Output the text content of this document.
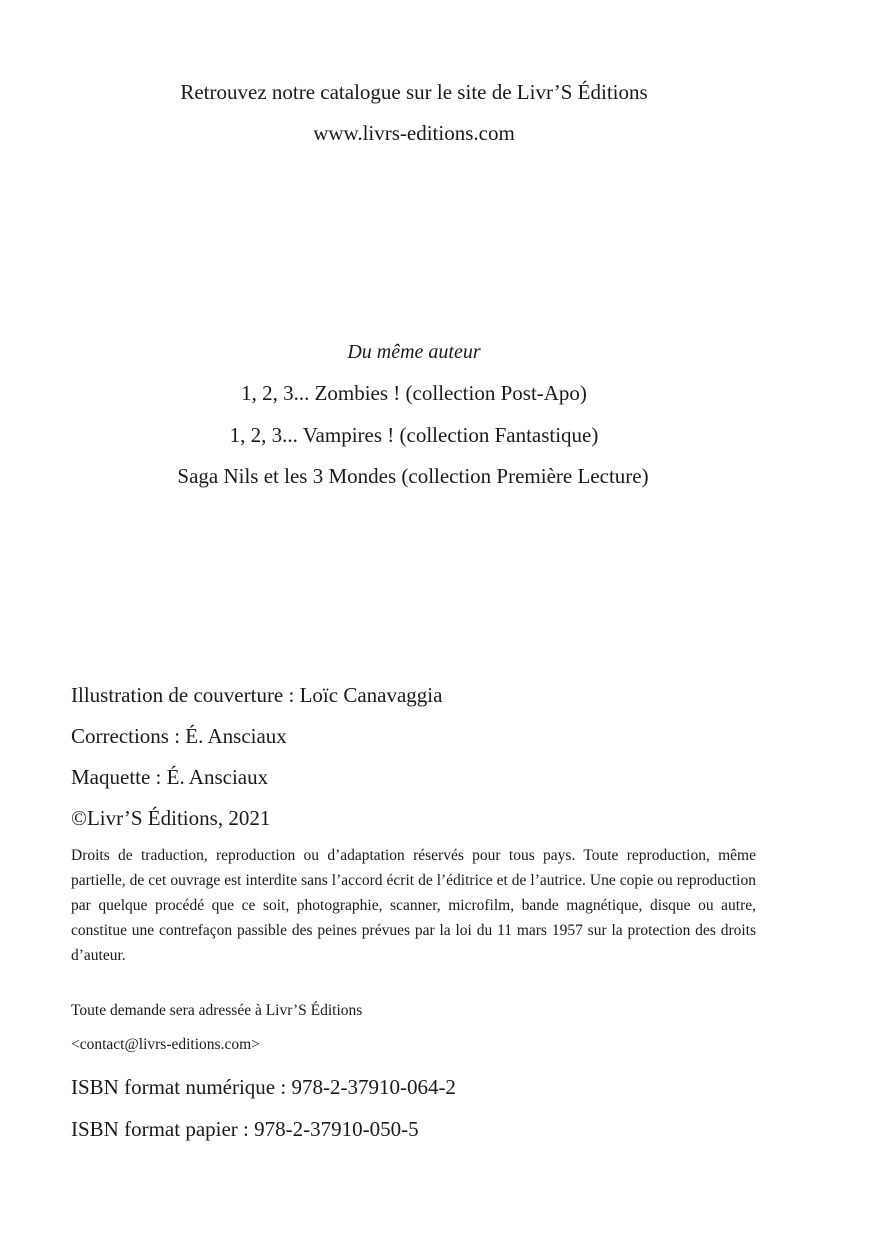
Retrouvez notre catalogue sur le site de Livr’S Éditions
www.livrs-editions.com
Du même auteur
1, 2, 3... Zombies ! (collection Post-Apo)
1, 2, 3... Vampires ! (collection Fantastique)
Saga Nils et les 3 Mondes (collection Première Lecture)
Illustration de couverture : Loïc Canavaggia
Corrections : É. Ansciaux
Maquette : É. Ansciaux
©Livr’S Éditions, 2021
Droits de traduction, reproduction ou d’adaptation réservés pour tous pays. Toute reproduction, même partielle, de cet ouvrage est interdite sans l’accord écrit de l’éditrice et de l’autrice. Une copie ou reproduction par quelque procédé que ce soit, photographie, scanner, microfilm, bande magnétique, disque ou autre, constitue une contrefaçon passible des peines prévues par la loi du 11 mars 1957 sur la protection des droits d’auteur.
Toute demande sera adressée à Livr’S Éditions
<contact@livrs-editions.com>
ISBN format numérique : 978-2-37910-064-2
ISBN format papier : 978-2-37910-050-5
